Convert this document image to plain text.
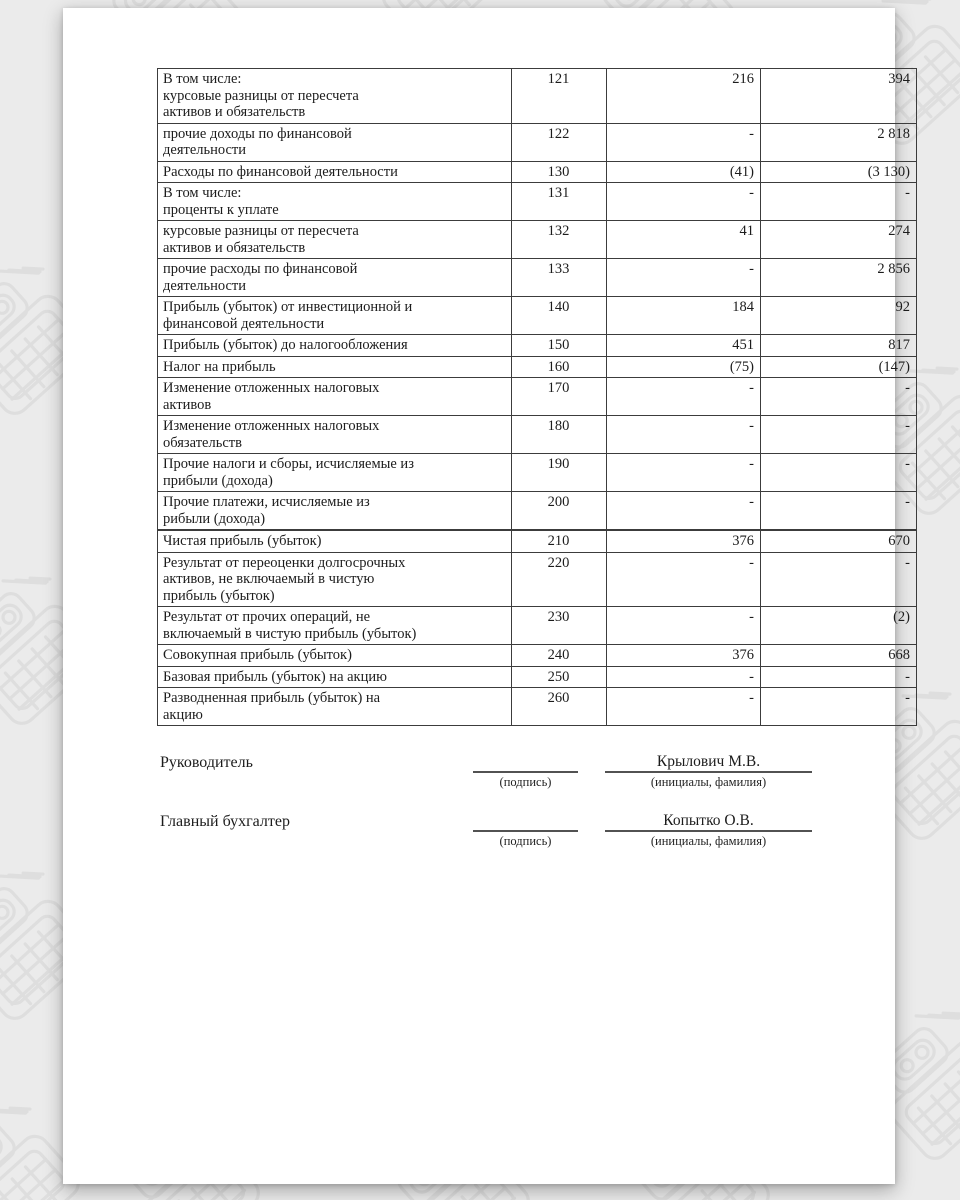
В том числе:
курсовые разницы от пересчета
активов и обязательств	121	216	394
прочие доходы по финансовой
деятельности	122	-	2 818
Расходы по финансовой деятельности	130	(41)	(3 130)
В том числе:
проценты к уплате	131	-	-
курсовые разницы от пересчета
активов и обязательств	132	41	274
прочие расходы по финансовой
деятельности	133	-	2 856
Прибыль (убыток) от инвестиционной и
финансовой деятельности	140	184	92
Прибыль (убыток) до налогообложения	150	451	817
Налог на прибыль	160	(75)	(147)
Изменение отложенных налоговых
активов	170	-	-
Изменение отложенных налоговых
обязательств	180	-	-
Прочие налоги и сборы, исчисляемые из
прибыли (дохода)	190	-	-
Прочие платежи, исчисляемые из
рибыли (дохода)	200	-	-
Чистая прибыль (убыток)	210	376	670
Результат от переоценки долгосрочных
активов, не включаемый в чистую
прибыль (убыток)	220	-	-
Результат от прочих операций, не
включаемый в чистую прибыль (убыток)	230	-	(2)
Совокупная прибыль (убыток)	240	376	668
Базовая прибыль (убыток) на акцию	250	-	-
Разводненная прибыль (убыток) на
акцию	260	-	-
Руководитель
(подпись)
Крылович М.В.
(инициалы, фамилия)
Главный бухгалтер
(подпись)
Копытко О.В.
(инициалы, фамилия)
